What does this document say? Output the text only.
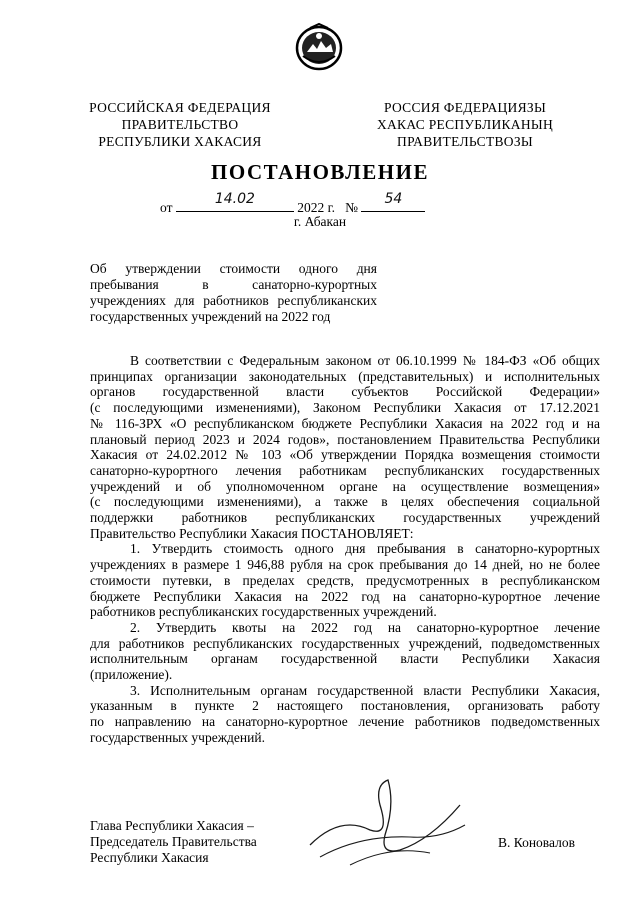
РОССИЙСКАЯ ФЕДЕРАЦИЯ
ПРАВИТЕЛЬСТВО
РЕСПУБЛИКИ ХАКАСИЯ
РОССИЯ ФЕДЕРАЦИЯЗЫ
ХАКАС РЕСПУБЛИКАНЫҢ
ПРАВИТЕЛЬСТВОЗЫ
ПОСТАНОВЛЕНИЕ
от
14.02
2022 г. №
54
г. Абакан
Об утверждении стоимости одного дня
пребывания в санаторно-курортных
учреждениях для работников республиканских
государственных учреждений на 2022 год

В соответствии с Федеральным законом от 06.10.1999 № 184-ФЗ «Об общих
принципах организации законодательных (представительных) и исполнительных
органов государственной власти субъектов Российской Федерации»
(с последующими изменениями), Законом Республики Хакасия от 17.12.2021
№ 116-ЗРХ «О республиканском бюджете Республики Хакасия на 2022 год и на
плановый период 2023 и 2024 годов», постановлением Правительства Республики
Хакасия от 24.02.2012 № 103 «Об утверждении Порядка возмещения стоимости
санаторно-курортного лечения работникам республиканских государственных
учреждений и об уполномоченном органе на осуществление возмещения»
(с последующими изменениями), а также в целях обеспечения социальной
поддержки работников республиканских государственных учреждений
Правительство Республики Хакасия ПОСТАНОВЛЯЕТ:

1. Утвердить стоимость одного дня пребывания в санаторно-курортных
учреждениях в размере 1 946,88 рубля на срок пребывания до 14 дней, но не более
стоимости путевки, в пределах средств, предусмотренных в республиканском
бюджете Республики Хакасия на 2022 год на санаторно-курортное лечение
работников республиканских государственных учреждений.

2. Утвердить квоты на 2022 год на санаторно-курортное лечение
для работников республиканских государственных учреждений, подведомственных
исполнительным органам государственной власти Республики Хакасия
(приложение).

3. Исполнительным органам государственной власти Республики Хакасия,
указанным в пункте 2 настоящего постановления, организовать работу
по направлению на санаторно-курортное лечение работников подведомственных
государственных учреждений.

Глава Республики Хакасия –
Председатель Правительства
Республики Хакасия
В. Коновалов
